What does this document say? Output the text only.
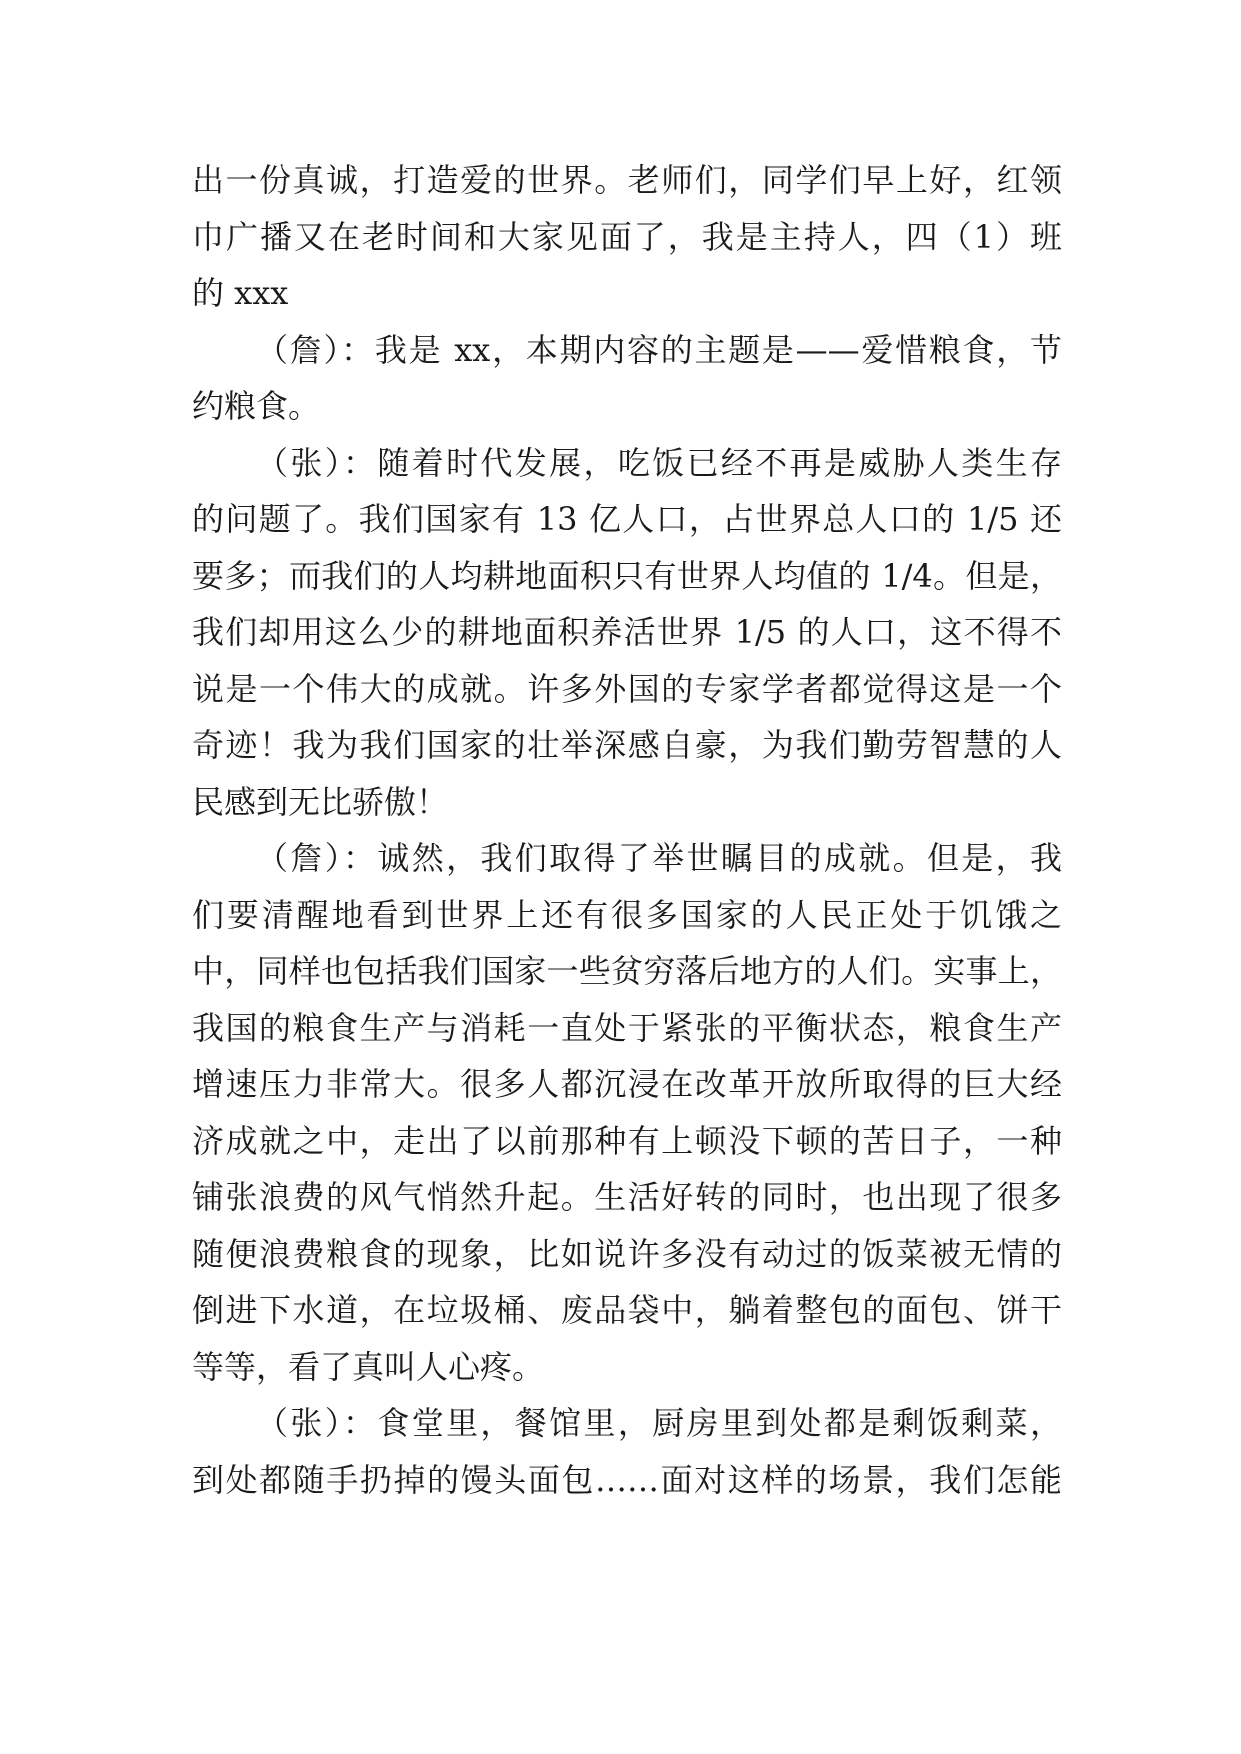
出一份真诚，打造爱的世界。老师们，同学们早上好，红领
巾广播又在老时间和大家见面了，我是主持人，四（1）班
的 xxx
（詹）：我是 xx，本期内容的主题是——爱惜粮食，节
约粮食。
（张）：随着时代发展，吃饭已经不再是威胁人类生存
的问题了。我们国家有 13 亿人口，占世界总人口的 1/5 还
要多；而我们的人均耕地面积只有世界人均值的 1/4。但是，
我们却用这么少的耕地面积养活世界 1/5 的人口，这不得不
说是一个伟大的成就。许多外国的专家学者都觉得这是一个
奇迹！我为我们国家的壮举深感自豪，为我们勤劳智慧的人
民感到无比骄傲！
（詹）：诚然，我们取得了举世瞩目的成就。但是，我
们要清醒地看到世界上还有很多国家的人民正处于饥饿之
中，同样也包括我们国家一些贫穷落后地方的人们。实事上，
我国的粮食生产与消耗一直处于紧张的平衡状态，粮食生产
增速压力非常大。很多人都沉浸在改革开放所取得的巨大经
济成就之中，走出了以前那种有上顿没下顿的苦日子，一种
铺张浪费的风气悄然升起。生活好转的同时，也出现了很多
随便浪费粮食的现象，比如说许多没有动过的饭菜被无情的
倒进下水道，在垃圾桶、废品袋中，躺着整包的面包、饼干
等等，看了真叫人心疼。
（张）：食堂里，餐馆里，厨房里到处都是剩饭剩菜，
到处都随手扔掉的馒头面包……面对这样的场景，我们怎能
